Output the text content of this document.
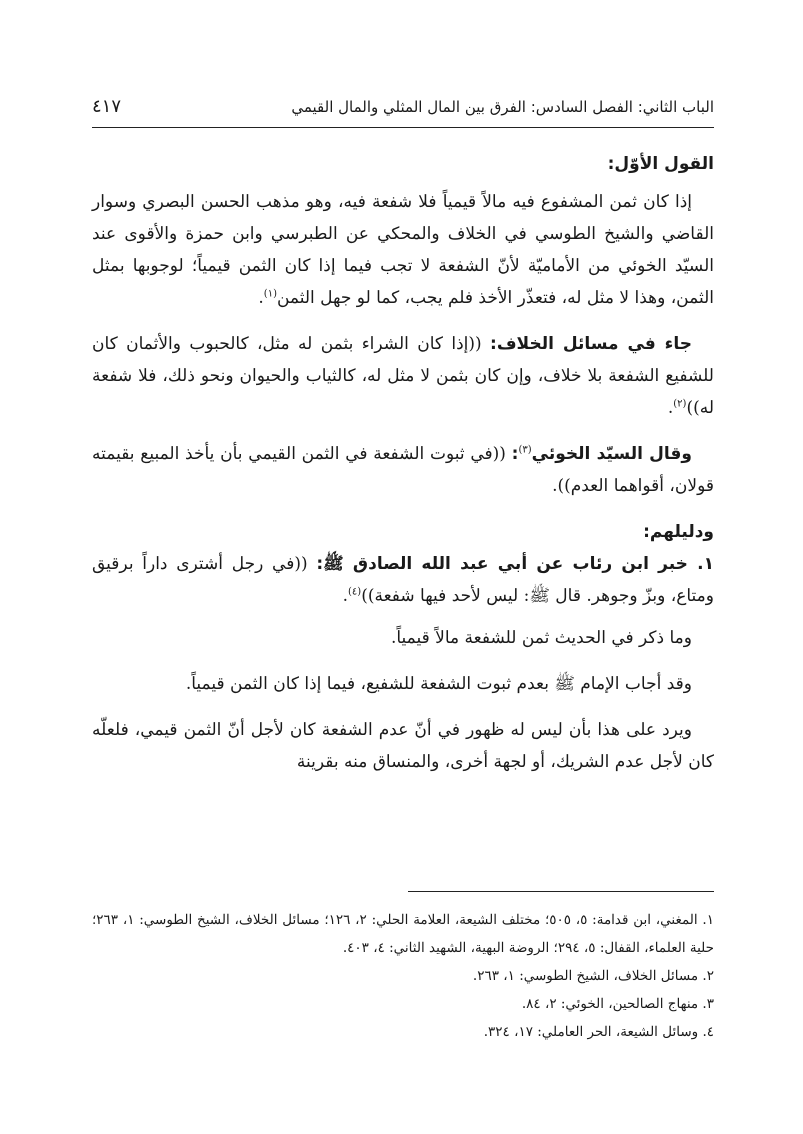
الباب الثاني: الفصل السادس: الفرق بين المال المثلي والمال القيمي
٤١٧
القول الأوّل:

إذا كان ثمن المشفوع فيه مالاً قيمياً فلا شفعة فيه، وهو مذهب الحسن البصري وسوار القاضي والشيخ الطوسي في الخلاف والمحكي عن الطبرسي وابن حمزة والأقوى عند السيّد الخوئي من الأماميّة لأنّ الشفعة لا تجب فيما إذا كان الثمن قيمياً؛ لوجوبها بمثل الثمن، وهذا لا مثل له، فتعذّر الأخذ فلم يجب، كما لو جهل الثمن$^{(١)}$.

جاء في مسائل الخلاف: ((إذا كان الشراء بثمن له مثل، كالحبوب والأثمان كان للشفيع الشفعة بلا خلاف، وإن كان بثمن لا مثل له، كالثياب والحيوان ونحو ذلك، فلا شفعة له))$^{(٢)}$.

وقال السيّد الخوئي$^{(٣)}$: ((في ثبوت الشفعة في الثمن القيمي بأن يأخذ المبيع بقيمته قولان، أقواهما العدم)).

ودليلهم:

١. خبر ابن رئاب عن أبي عبد الله الصادق ﷺ: ((في رجل أشترى داراً برقيق ومتاع، وبزّ وجوهر. قال ﷺ: ليس لأحد فيها شفعة))$^{(٤)}$.

وما ذكر في الحديث ثمن للشفعة مالاً قيمياً.

وقد أجاب الإمام ﷺ بعدم ثبوت الشفعة للشفيع، فيما إذا كان الثمن قيمياً.

ويرد على هذا بأن ليس له ظهور في أنّ عدم الشفعة كان لأجل أنّ الثمن قيمي، فلعلّه كان لأجل عدم الشريك، أو لجهة أخرى، والمنساق منه بقرينة

١. المغني، ابن قدامة: ٥، ٥٠٥؛ مختلف الشيعة، العلامة الحلي: ٢، ١٢٦؛ مسائل الخلاف، الشيخ الطوسي: ١، ٢٦٣؛ حلية العلماء، القفال: ٥، ٢٩٤؛ الروضة البهية، الشهيد الثاني: ٤، ٤٠٣.
٢. مسائل الخلاف، الشيخ الطوسي: ١، ٢٦٣.
٣. منهاج الصالحين، الخوئي: ٢، ٨٤.
٤. وسائل الشيعة، الحر العاملي: ١٧، ٣٢٤.
